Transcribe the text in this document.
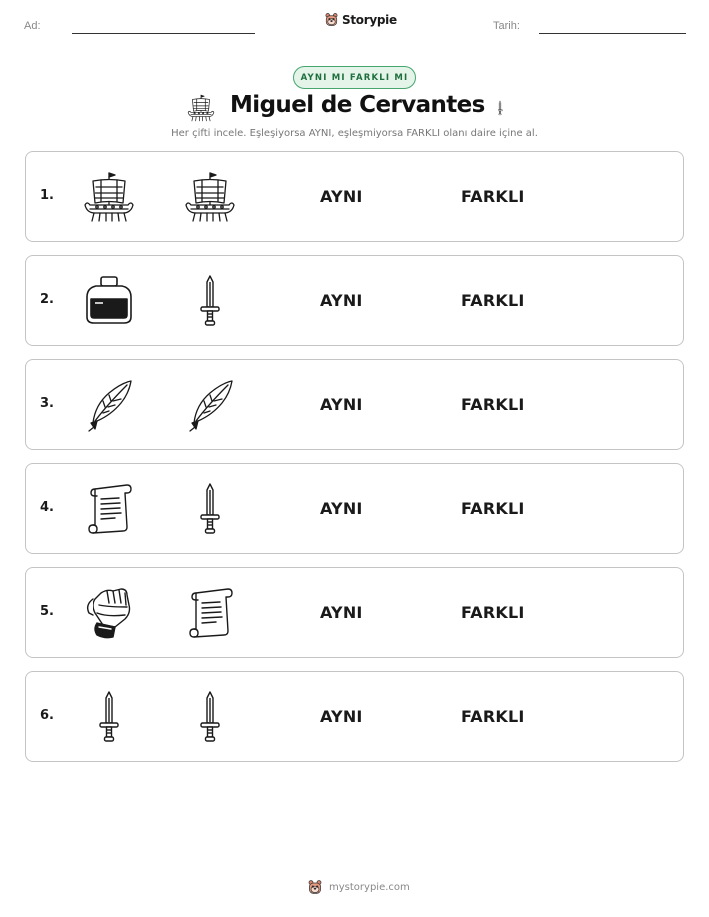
Ad:	Storypie	Tarih:
AYNI MI FARKLI MI
Miguel de Cervantes

Her çifti incele. Eşleşiyorsa AYNI, eşleşmiyorsa FARKLI olanı daire içine al.

1.	AYNI	FARKLI
2.	AYNI	FARKLI
3.	AYNI	FARKLI
4.	AYNI	FARKLI
5.	AYNI	FARKLI
6.	AYNI	FARKLI
mystorypie.com
